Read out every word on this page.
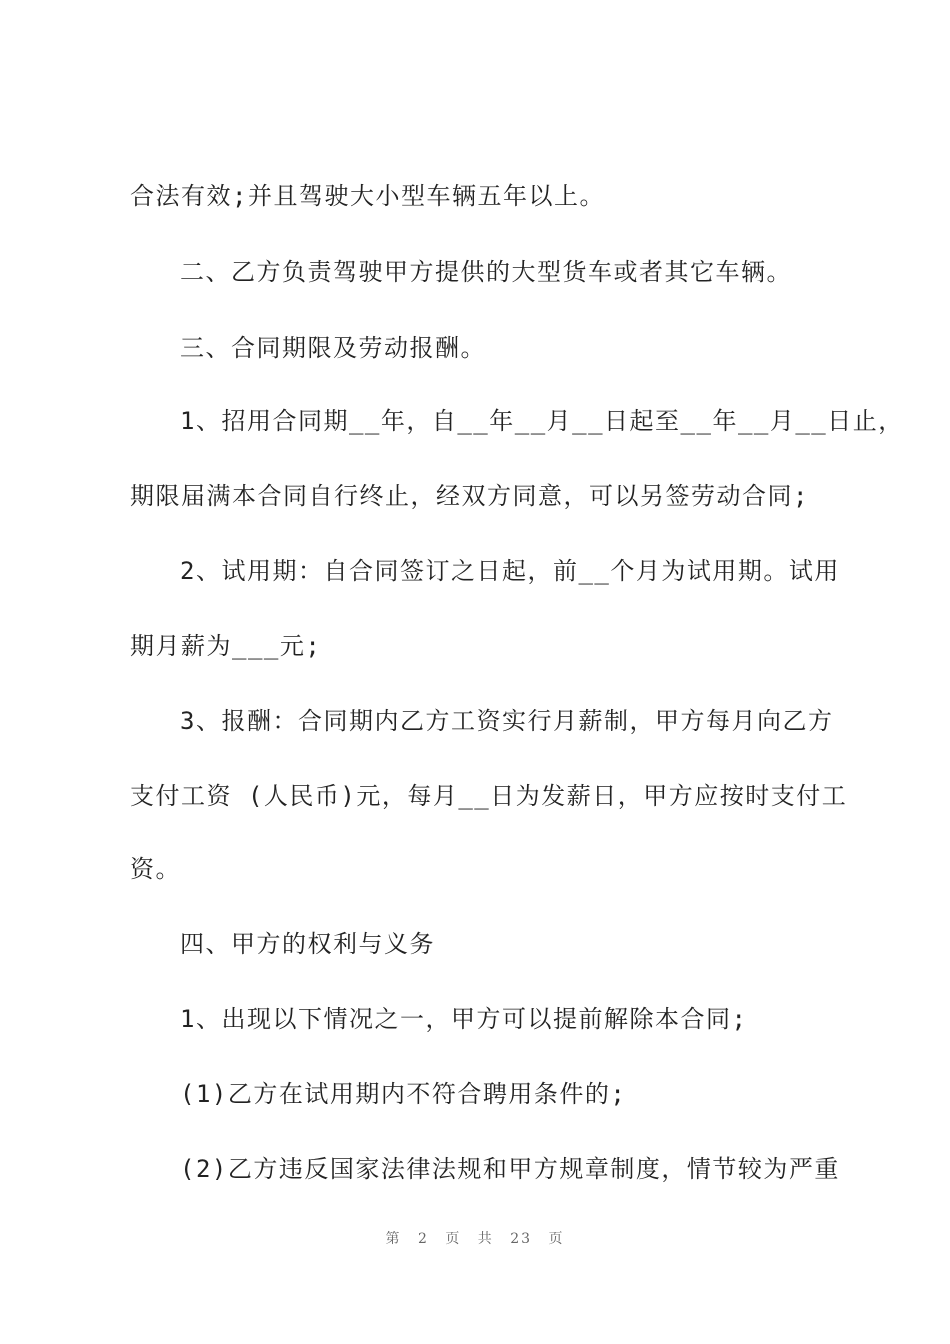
合法有效;并且驾驶大小型车辆五年以上。
二、乙方负责驾驶甲方提供的大型货车或者其它车辆。
三、合同期限及劳动报酬。
1、招用合同期__年，自__年__月__日起至__年__月__日止，
期限届满本合同自行终止，经双方同意，可以另签劳动合同;
2、试用期：自合同签订之日起，前__个月为试用期。试用
期月薪为___元;
3、报酬：合同期内乙方工资实行月薪制，甲方每月向乙方
支付工资 (人民币)元，每月__日为发薪日，甲方应按时支付工
资。
四、甲方的权利与义务
1、出现以下情况之一，甲方可以提前解除本合同;
(1)乙方在试用期内不符合聘用条件的;
(2)乙方违反国家法律法规和甲方规章制度，情节较为严重
第 2 页 共 23 页
